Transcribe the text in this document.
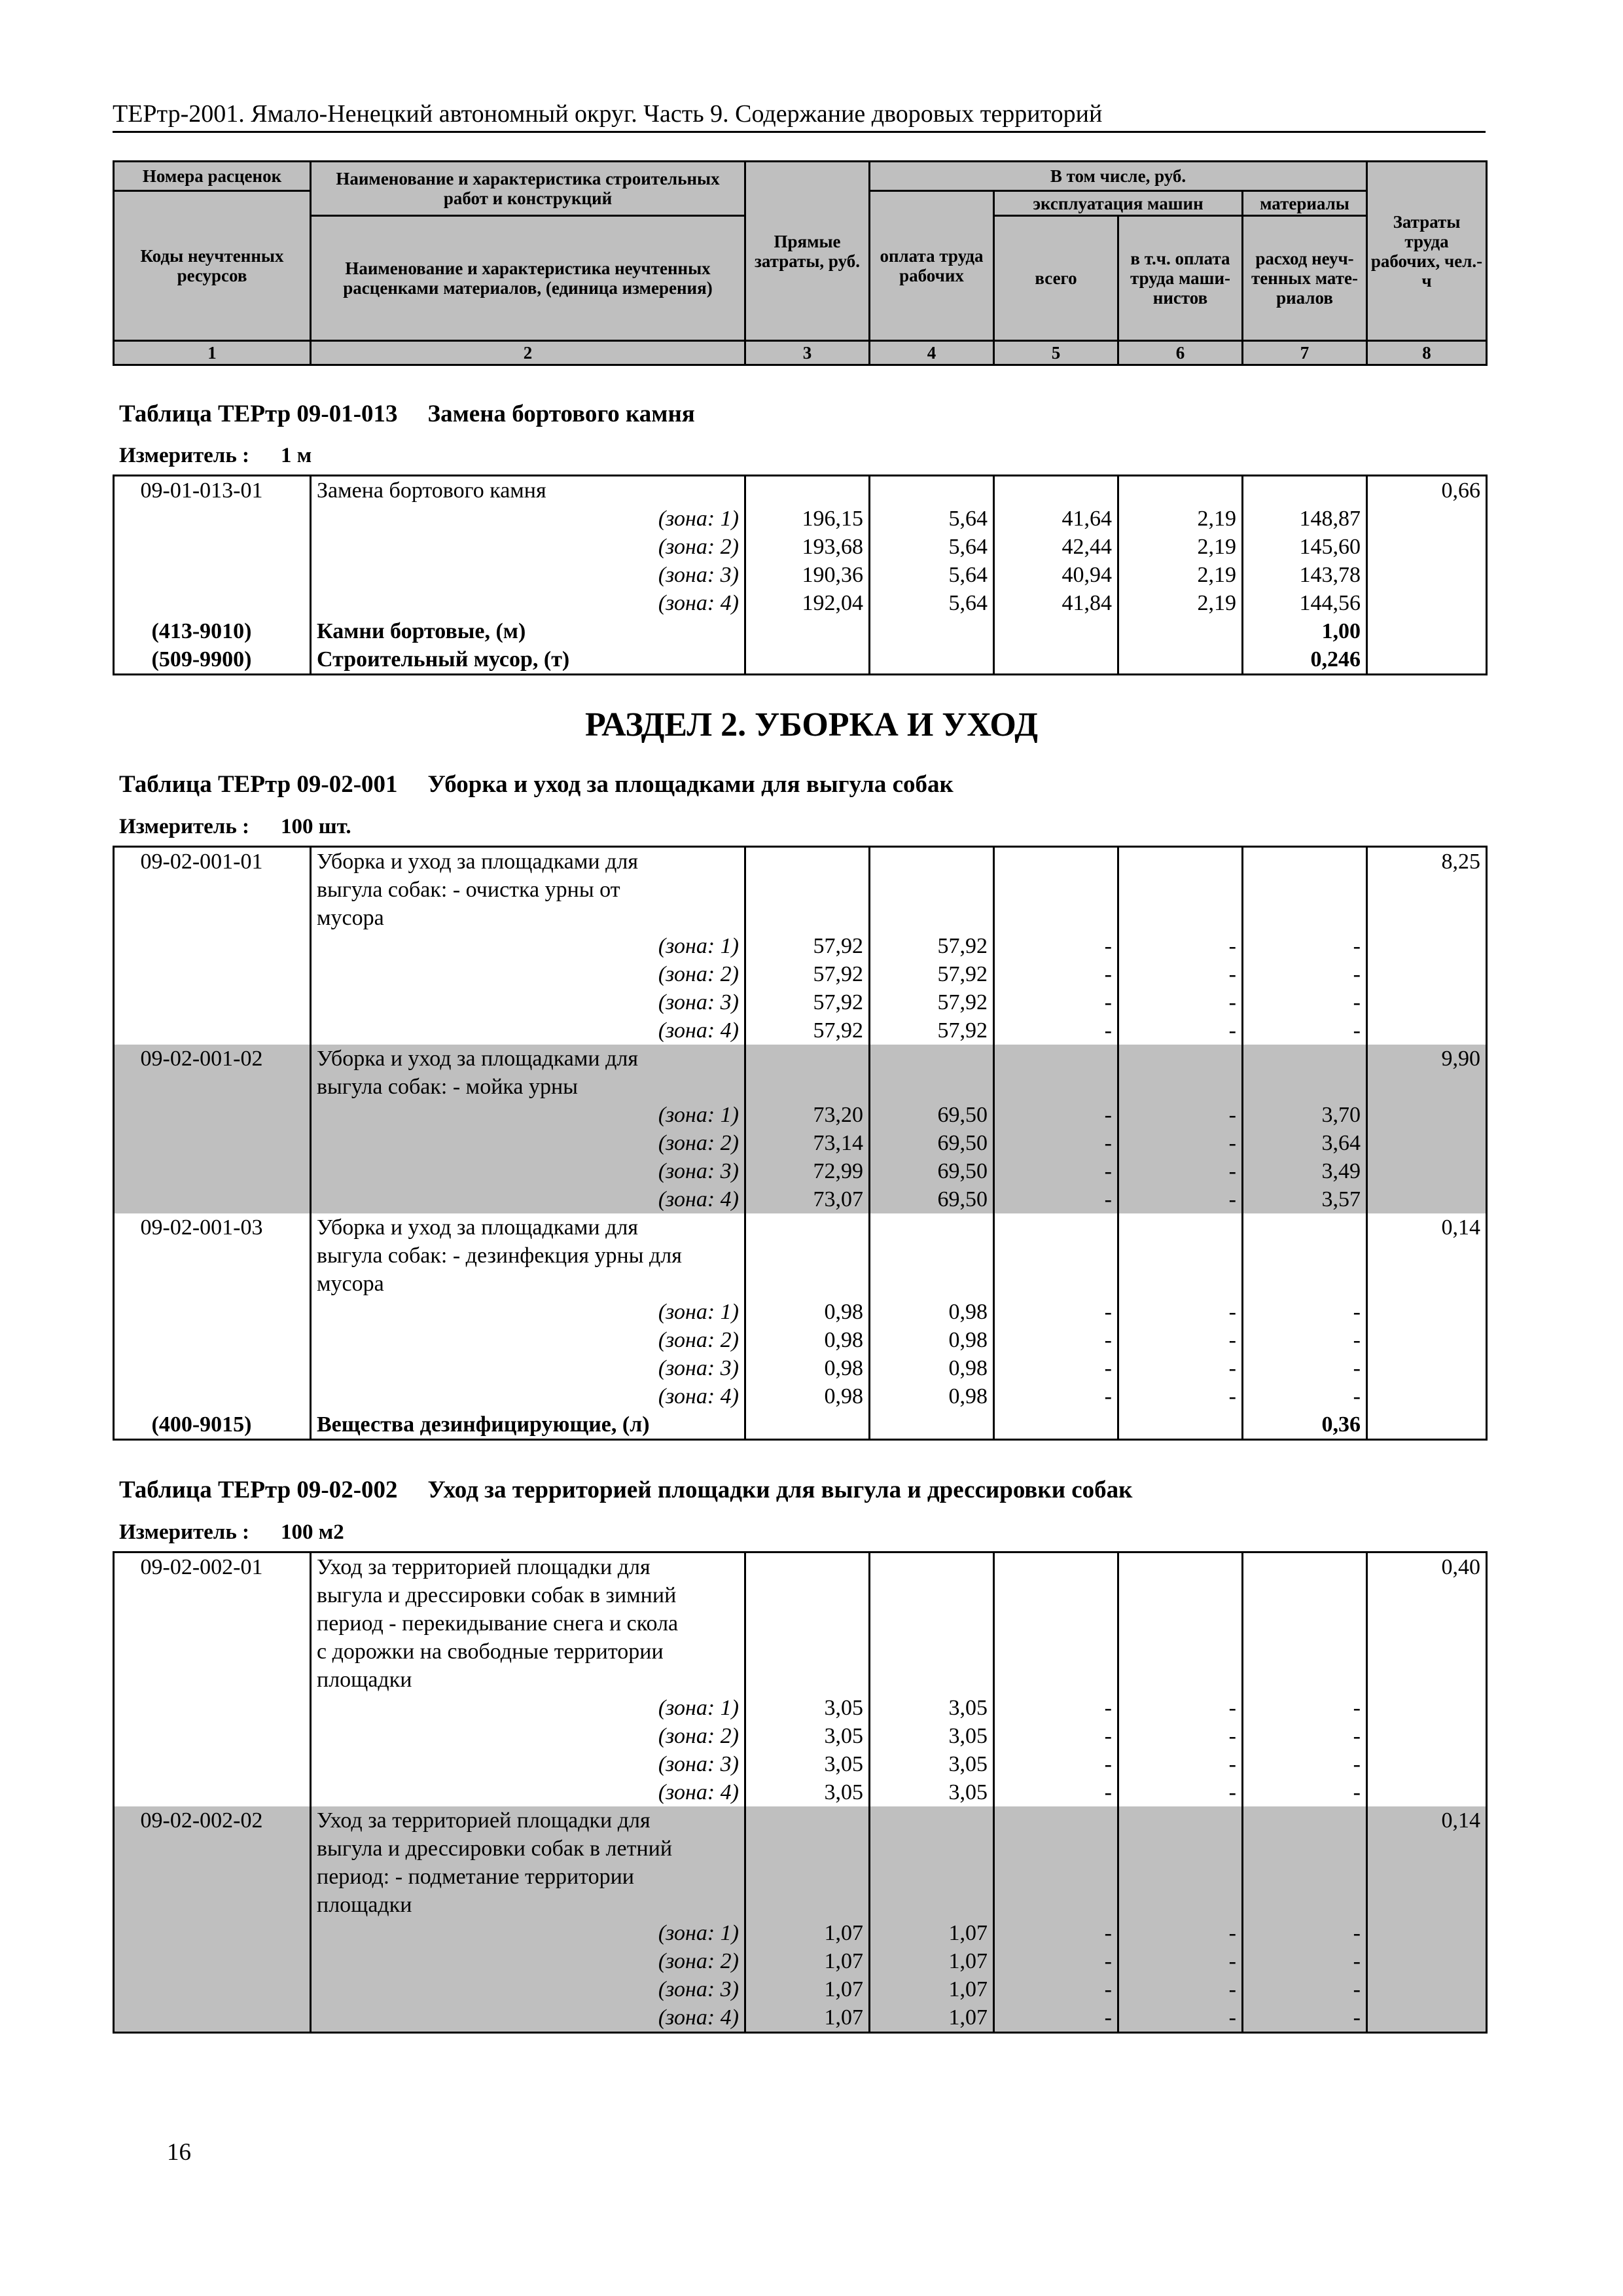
ТЕРтр-2001. Ямало-Ненецкий автономный округ. Часть 9. Содержание дворовых территорий
Номера расценок	Наименование и характеристика строительных работ и конструкций	Прямые затраты, руб.	В том числе, руб.				Затраты труда рабочих, чел.-ч
Коды неучтенных ресурсов			оплата труда рабочих	эксплуатация машин		материалы	
	Наименование и характеристика неучтенных расценками материалов, (единица измерения)			всего	в т.ч. оплата труда маши-нистов	расход неуч-тенных мате-риалов	

1	2	3	4	5	6	7	8
Таблица ТЕРтр 09-01-013 Замена бортового камня
Измеритель : 1 м
09-01-013-01	Замена бортового камня						0,66
	(зона: 1)	196,15	5,64	41,64	2,19	148,87	
	(зона: 2)	193,68	5,64	42,44	2,19	145,60	
	(зона: 3)	190,36	5,64	40,94	2,19	143,78	
	(зона: 4)	192,04	5,64	41,84	2,19	144,56	
(413-9010)	Камни бортовые, (м)					1,00	
(509-9900)	Строительный мусор, (т)					0,246	
РАЗДЕЛ 2. УБОРКА И УХОД
Таблица ТЕРтр 09-02-001 Уборка и уход за площадками для выгула собак
Измеритель : 100 шт.
09-02-001-01	Уборка и уход за площадками для
выгула собак: - очистка урны от
мусора						8,25
	(зона: 1)	57,92	57,92	-	-	-	
	(зона: 2)	57,92	57,92	-	-	-	
	(зона: 3)	57,92	57,92	-	-	-	
	(зона: 4)	57,92	57,92	-	-	-	
09-02-001-02	Уборка и уход за площадками для
выгула собак: - мойка урны						9,90
	(зона: 1)	73,20	69,50	-	-	3,70	
	(зона: 2)	73,14	69,50	-	-	3,64	
	(зона: 3)	72,99	69,50	-	-	3,49	
	(зона: 4)	73,07	69,50	-	-	3,57	
09-02-001-03	Уборка и уход за площадками для
выгула собак: - дезинфекция урны для
мусора						0,14
	(зона: 1)	0,98	0,98	-	-	-	
	(зона: 2)	0,98	0,98	-	-	-	
	(зона: 3)	0,98	0,98	-	-	-	
	(зона: 4)	0,98	0,98	-	-	-	
(400-9015)	Вещества дезинфицирующие, (л)					0,36	
Таблица ТЕРтр 09-02-002 Уход за территорией площадки для выгула и дрессировки собак
Измеритель : 100 м2
09-02-002-01	Уход за территорией площадки для
выгула и дрессировки собак в зимний
период - перекидывание снега и скола
с дорожки на свободные территории
площадки						0,40
	(зона: 1)	3,05	3,05	-	-	-	
	(зона: 2)	3,05	3,05	-	-	-	
	(зона: 3)	3,05	3,05	-	-	-	
	(зона: 4)	3,05	3,05	-	-	-	
09-02-002-02	Уход за территорией площадки для
выгула и дрессировки собак в летний
период: - подметание территории
площадки						0,14
	(зона: 1)	1,07	1,07	-	-	-	
	(зона: 2)	1,07	1,07	-	-	-	
	(зона: 3)	1,07	1,07	-	-	-	
	(зона: 4)	1,07	1,07	-	-	-	
16
